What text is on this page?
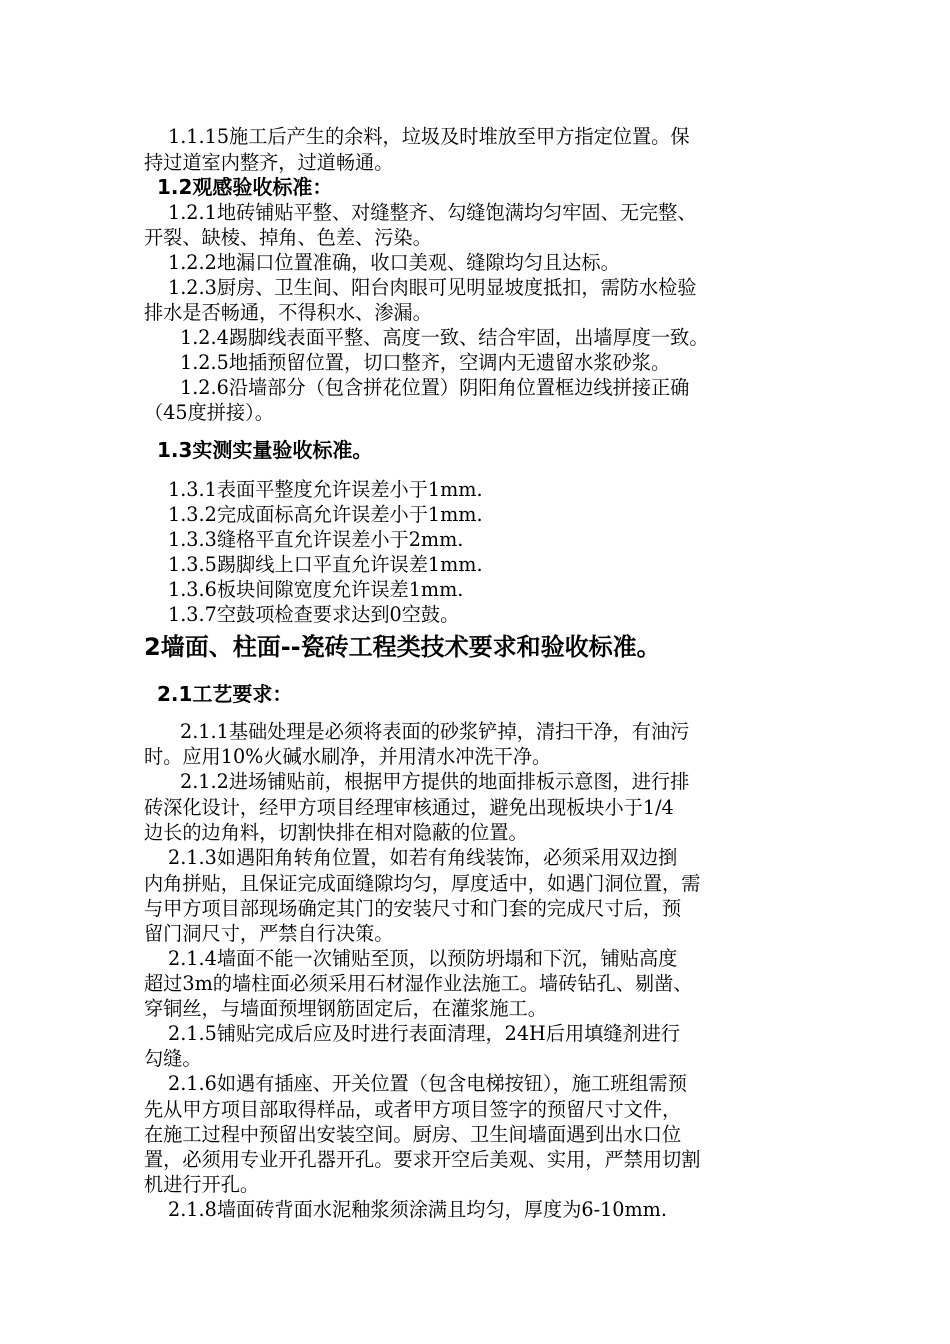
1.1.15施工后产生的余料，垃圾及时堆放至甲方指定位置。保
持过道室内整齐，过道畅通。
1.2观感验收标准：
1.2.1地砖铺贴平整、对缝整齐、勾缝饱满均匀牢固、无完整、
开裂、缺棱、掉角、色差、污染。
1.2.2地漏口位置准确，收口美观、缝隙均匀且达标。
1.2.3厨房、卫生间、阳台肉眼可见明显坡度抵扣，需防水检验
排水是否畅通，不得积水、渗漏。
1.2.4踢脚线表面平整、高度一致、结合牢固，出墙厚度一致。
1.2.5地插预留位置，切口整齐，空调内无遗留水浆砂浆。
1.2.6沿墙部分（包含拼花位置）阴阳角位置框边线拼接正确
（45度拼接）。
1.3实测实量验收标准。
1.3.1表面平整度允许误差小于1mm.
1.3.2完成面标高允许误差小于1mm.
1.3.3缝格平直允许误差小于2mm.
1.3.5踢脚线上口平直允许误差1mm.
1.3.6板块间隙宽度允许误差1mm.
1.3.7空鼓项检查要求达到0空鼓。
2墙面、柱面--瓷砖工程类技术要求和验收标准。
2.1工艺要求：
2.1.1基础处理是必须将表面的砂浆铲掉，清扫干净，有油污
时。应用10%火碱水刷净，并用清水冲洗干净。
2.1.2进场铺贴前，根据甲方提供的地面排板示意图，进行排
砖深化设计，经甲方项目经理审核通过，避免出现板块小于1/4
边长的边角料，切割快排在相对隐蔽的位置。
2.1.3如遇阳角转角位置，如若有角线装饰，必须采用双边捯
内角拼贴，且保证完成面缝隙均匀，厚度适中，如遇门洞位置，需
与甲方项目部现场确定其门的安装尺寸和门套的完成尺寸后，预
留门洞尺寸，严禁自行决策。
2.1.4墙面不能一次铺贴至顶，以预防坍塌和下沉，铺贴高度
超过3m的墙柱面必须采用石材湿作业法施工。墙砖钻孔、剔凿、
穿铜丝，与墙面预埋钢筋固定后，在灌浆施工。
2.1.5铺贴完成后应及时进行表面清理，24H后用填缝剂进行
勾缝。
2.1.6如遇有插座、开关位置（包含电梯按钮），施工班组需预
先从甲方项目部取得样品，或者甲方项目签字的预留尺寸文件，
在施工过程中预留出安装空间。厨房、卫生间墙面遇到出水口位
置，必须用专业开孔器开孔。要求开空后美观、实用，严禁用切割
机进行开孔。
2.1.8墙面砖背面水泥釉浆须涂满且均匀，厚度为6-10mm.
